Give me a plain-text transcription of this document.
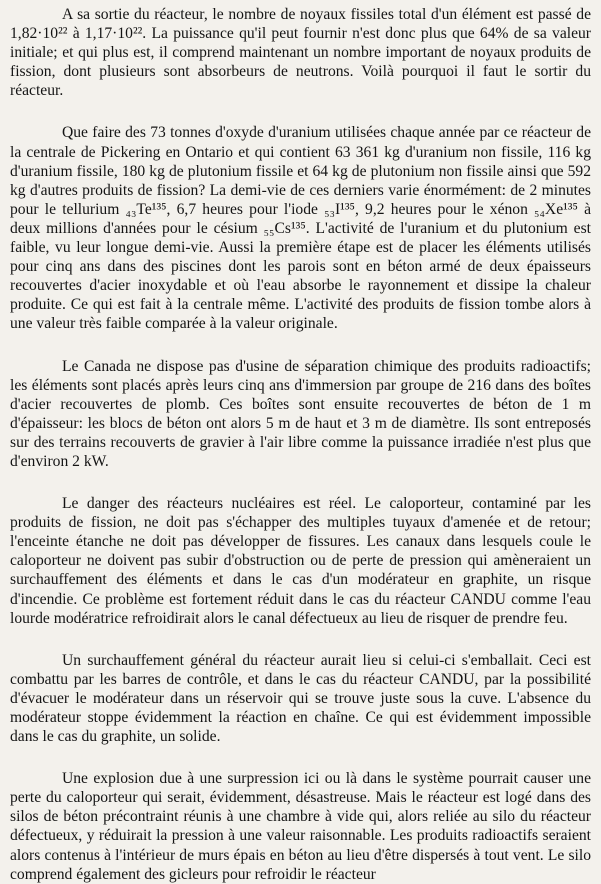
A sa sortie du réacteur, le nombre de noyaux fissiles total d'un élément est passé de 1,82·10²² à 1,17·10²². La puissance qu'il peut fournir n'est donc plus que 64% de sa valeur initiale; et qui plus est, il comprend maintenant un nombre important de noyaux produits de fission, dont plusieurs sont absorbeurs de neutrons. Voilà pourquoi il faut le sortir du réacteur.

Que faire des 73 tonnes d'oxyde d'uranium utilisées chaque année par ce réacteur de la centrale de Pickering en Ontario et qui contient 63 361 kg d'uranium non fissile, 116 kg d'uranium fissile, 180 kg de plutonium fissile et 64 kg de plutonium non fissile ainsi que 592 kg d'autres produits de fission? La demi-vie de ces derniers varie énormément: de 2 minutes pour le tellurium ₄₃Te¹³⁵, 6,7 heures pour l'iode ₅₃I¹³⁵, 9,2 heures pour le xénon ₅₄Xe¹³⁵ à deux millions d'années pour le césium ₅₅Cs¹³⁵. L'activité de l'uranium et du plutonium est faible, vu leur longue demi-vie. Aussi la première étape est de placer les éléments utilisés pour cinq ans dans des piscines dont les parois sont en béton armé de deux épaisseurs recouvertes d'acier inoxydable et où l'eau absorbe le rayonnement et dissipe la chaleur produite. Ce qui est fait à la centrale même. L'activité des produits de fission tombe alors à une valeur très faible comparée à la valeur originale.

Le Canada ne dispose pas d'usine de séparation chimique des produits radioactifs; les éléments sont placés après leurs cinq ans d'immersion par groupe de 216 dans des boîtes d'acier recouvertes de plomb. Ces boîtes sont ensuite recouvertes de béton de 1 m d'épaisseur: les blocs de béton ont alors 5 m de haut et 3 m de diamètre. Ils sont entreposés sur des terrains recouverts de gravier à l'air libre comme la puissance irradiée n'est plus que d'environ 2 kW.

Le danger des réacteurs nucléaires est réel. Le caloporteur, contaminé par les produits de fission, ne doit pas s'échapper des multiples tuyaux d'amenée et de retour; l'enceinte étanche ne doit pas développer de fissures. Les canaux dans lesquels coule le caloporteur ne doivent pas subir d'obstruction ou de perte de pression qui amèneraient un surchauffement des éléments et dans le cas d'un modérateur en graphite, un risque d'incendie. Ce problème est fortement réduit dans le cas du réacteur CANDU comme l'eau lourde modératrice refroidirait alors le canal défectueux au lieu de risquer de prendre feu.

Un surchauffement général du réacteur aurait lieu si celui-ci s'emballait. Ceci est combattu par les barres de contrôle, et dans le cas du réacteur CANDU, par la possibilité d'évacuer le modérateur dans un réservoir qui se trouve juste sous la cuve. L'absence du modérateur stoppe évidemment la réaction en chaîne. Ce qui est évidemment impossible dans le cas du graphite, un solide.

Une explosion due à une surpression ici ou là dans le système pourrait causer une perte du caloporteur qui serait, évidemment, désastreuse. Mais le réacteur est logé dans des silos de béton précontraint réunis à une chambre à vide qui, alors reliée au silo du réacteur défectueux, y réduirait la pression à une valeur raisonnable. Les produits radioactifs seraient alors contenus à l'intérieur de murs épais en béton au lieu d'être dispersés à tout vent. Le silo comprend également des gicleurs pour refroidir le réacteur
